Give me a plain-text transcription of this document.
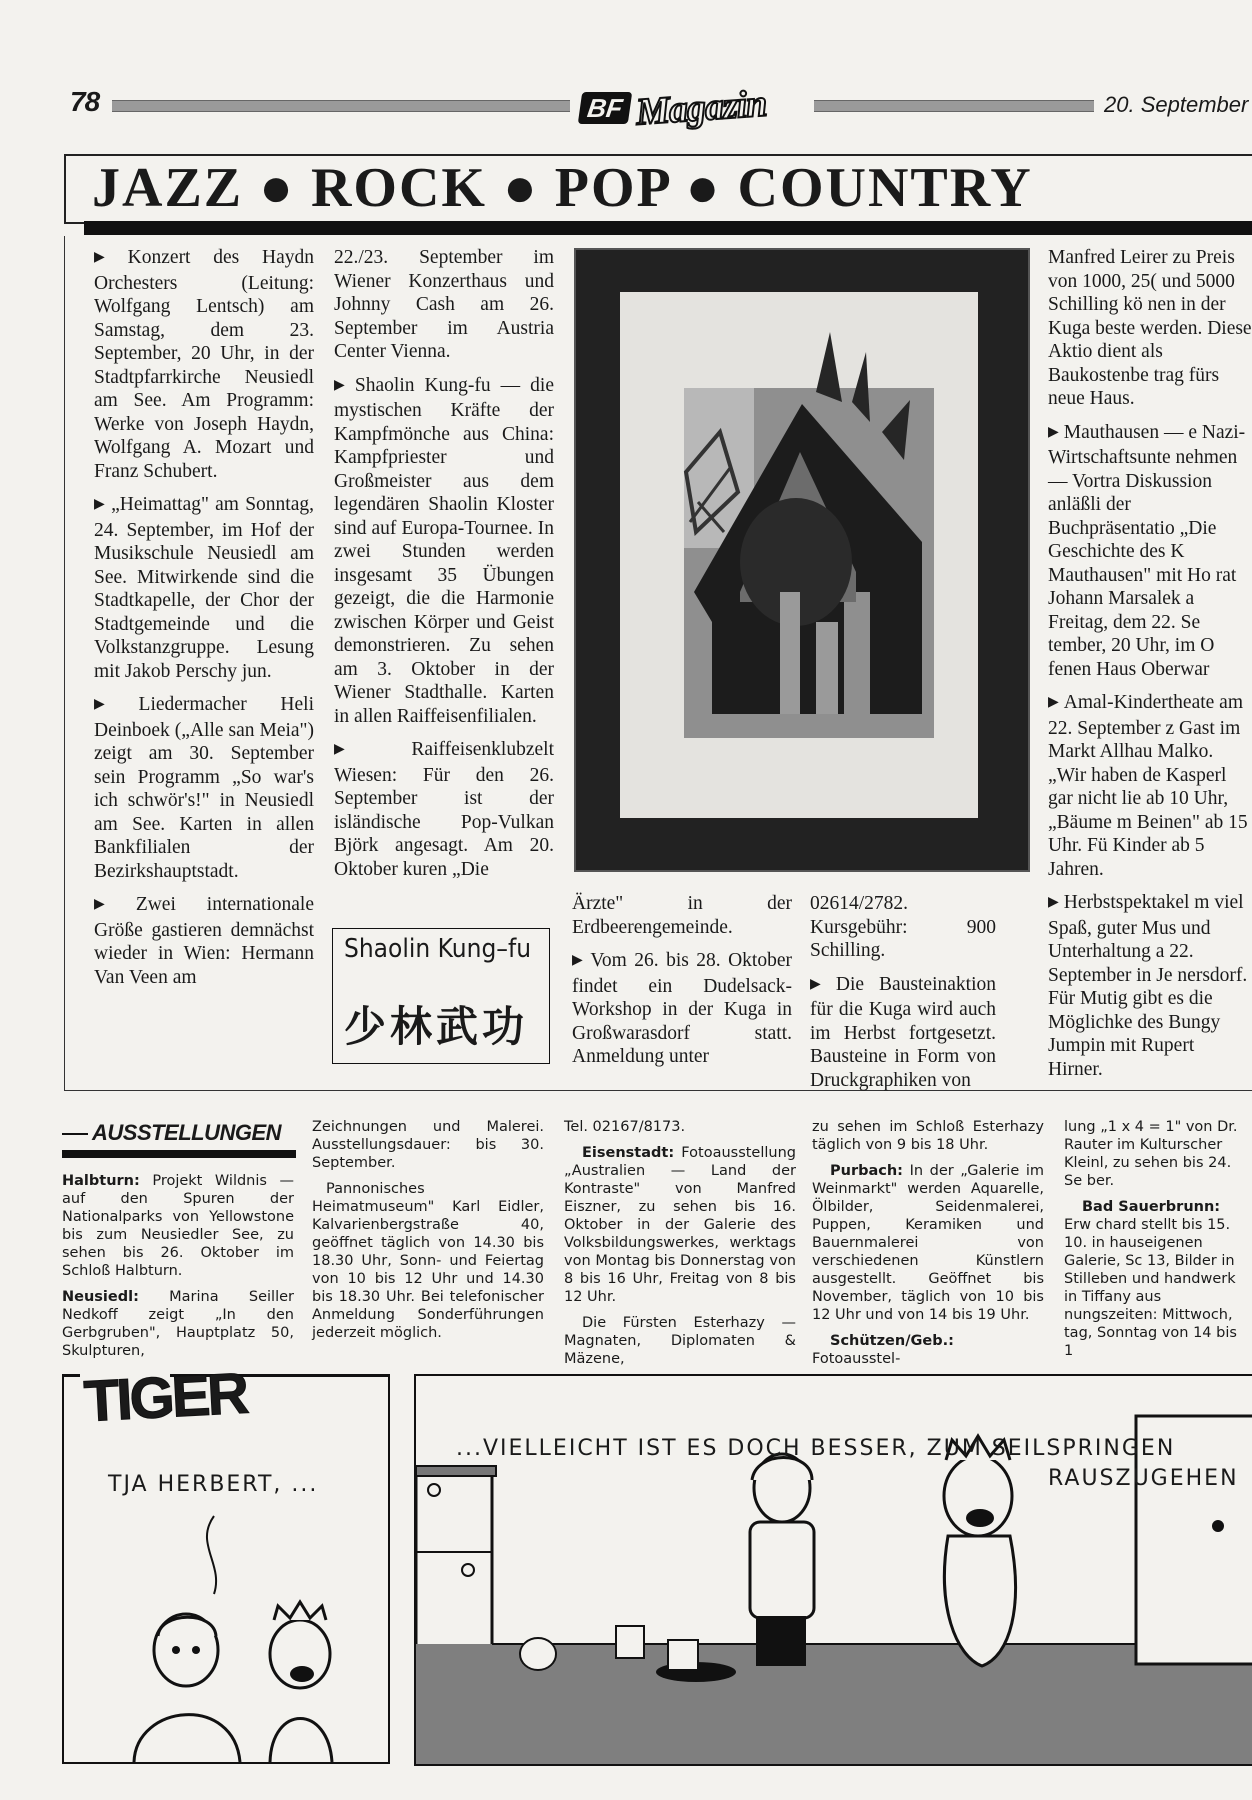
78	BF Magazin	20. September
JAZZ ● ROCK ● POP ● COUNTRY

▶ Konzert des Haydn Orchesters (Leitung: Wolfgang Lentsch) am Samstag, dem 23. September, 20 Uhr, in der Stadtpfarrkirche Neusiedl am See. Am Programm: Werke von Joseph Haydn, Wolfgang A. Mozart und Franz Schubert.

▶ „Heimattag" am Sonntag, 24. September, im Hof der Musikschule Neusiedl am See. Mitwirkende sind die Stadtkapelle, der Chor der Stadtgemeinde und die Volkstanzgruppe. Lesung mit Jakob Perschy jun.

▶ Liedermacher Heli Deinboek („Alle san Meia") zeigt am 30. September sein Programm „So war's ich schwör's!" in Neusiedl am See. Karten in allen Bankfilialen der Bezirkshauptstadt.

▶ Zwei internationale Größe gastieren demnächst wieder in Wien: Hermann Van Veen am

22./23. September im Wiener Konzerthaus und Johnny Cash am 26. September im Austria Center Vienna.

▶ Shaolin Kung-fu — die mystischen Kräfte der Kampfmönche aus China: Kampfpriester und Großmeister aus dem legendären Shaolin Kloster sind auf Europa-Tournee. In zwei Stunden werden insgesamt 35 Übungen gezeigt, die die Harmonie zwischen Körper und Geist demonstrieren. Zu sehen am 3. Oktober in der Wiener Stadthalle. Karten in allen Raiffeisenfilialen.

▶ Raiffeisenklubzelt Wiesen: Für den 26. September ist der isländische Pop-Vulkan Björk angesagt. Am 20. Oktober kuren „Die

Shaolin Kung–fu
少林武功

Ärzte" in der Erdbeerengemeinde.

▶ Vom 26. bis 28. Oktober findet ein Dudelsack-Workshop in der Kuga in Großwarasdorf statt. Anmeldung unter

02614/2782. Kursgebühr: 900 Schilling.

▶ Die Bausteinaktion für die Kuga wird auch im Herbst fortgesetzt. Bausteine in Form von Druckgraphiken von

Manfred Leirer zu Preis von 1000, 25( und 5000 Schilling kö nen in der Kuga beste werden. Diese Aktio dient als Baukostenbe trag fürs neue Haus.

▶ Mauthausen — e Nazi-Wirtschaftsunte nehmen — Vortra Diskussion anläßli der Buchpräsentatio „Die Geschichte des K Mauthausen" mit Ho rat Johann Marsalek a Freitag, dem 22. Se tember, 20 Uhr, im O fenen Haus Oberwar

▶ Amal-Kindertheate am 22. September z Gast im Markt Allhau Malko. „Wir haben de Kasperl gar nicht lie ab 10 Uhr, „Bäume m Beinen" ab 15 Uhr. Fü Kinder ab 5 Jahren.

▶ Herbstspektakel m viel Spaß, guter Mus und Unterhaltung a 22. September in Je nersdorf. Für Mutig gibt es die Möglichke des Bungy Jumpin mit Rupert Hirner.

AUSSTELLUNGEN

Halbturn: Projekt Wildnis — auf den Spuren der Nationalparks von Yellowstone bis zum Neusiedler See, zu sehen bis 26. Oktober im Schloß Halbturn.

Neusiedl: Marina Seiller Nedkoff zeigt „In den Gerbgruben", Hauptplatz 50, Skulpturen,

Zeichnungen und Malerei. Ausstellungsdauer: bis 30. September.

Pannonisches Heimatmuseum" Karl Eidler, Kalvarienbergstraße 40, geöffnet täglich von 14.30 bis 18.30 Uhr, Sonn- und Feiertag von 10 bis 12 Uhr und 14.30 bis 18.30 Uhr. Bei telefonischer Anmeldung Sonderführungen jederzeit möglich.

Tel. 02167/8173.

Eisenstadt: Fotoausstellung „Australien — Land der Kontraste" von Manfred Eiszner, zu sehen bis 16. Oktober in der Galerie des Volksbildungswerkes, werktags von Montag bis Donnerstag von 8 bis 16 Uhr, Freitag von 8 bis 12 Uhr.

Die Fürsten Esterhazy — Magnaten, Diplomaten & Mäzene,

zu sehen im Schloß Esterhazy täglich von 9 bis 18 Uhr.

Purbach: In der „Galerie im Weinmarkt" werden Aquarelle, Ölbilder, Seidenmalerei, Puppen, Keramiken und Bauernmalerei von verschiedenen Künstlern ausgestellt. Geöffnet bis November, täglich von 10 bis 12 Uhr und von 14 bis 19 Uhr.

Schützen/Geb.: Fotoausstel-

lung „1 x 4 = 1" von Dr. Rauter im Kulturscher Kleinl, zu sehen bis 24. Se ber.

Bad Sauerbrunn: Erw chard stellt bis 15. 10. in hauseigenen Galerie, Sc 13, Bilder in Stilleben und handwerk in Tiffany aus nungszeiten: Mittwoch, tag, Sonntag von 14 bis 1

TIGER
TJA HERBERT, ...
...VIELLEICHT IST ES DOCH BESSER, ZUM SEILSPRINGEN
RAUSZUGEHEN
